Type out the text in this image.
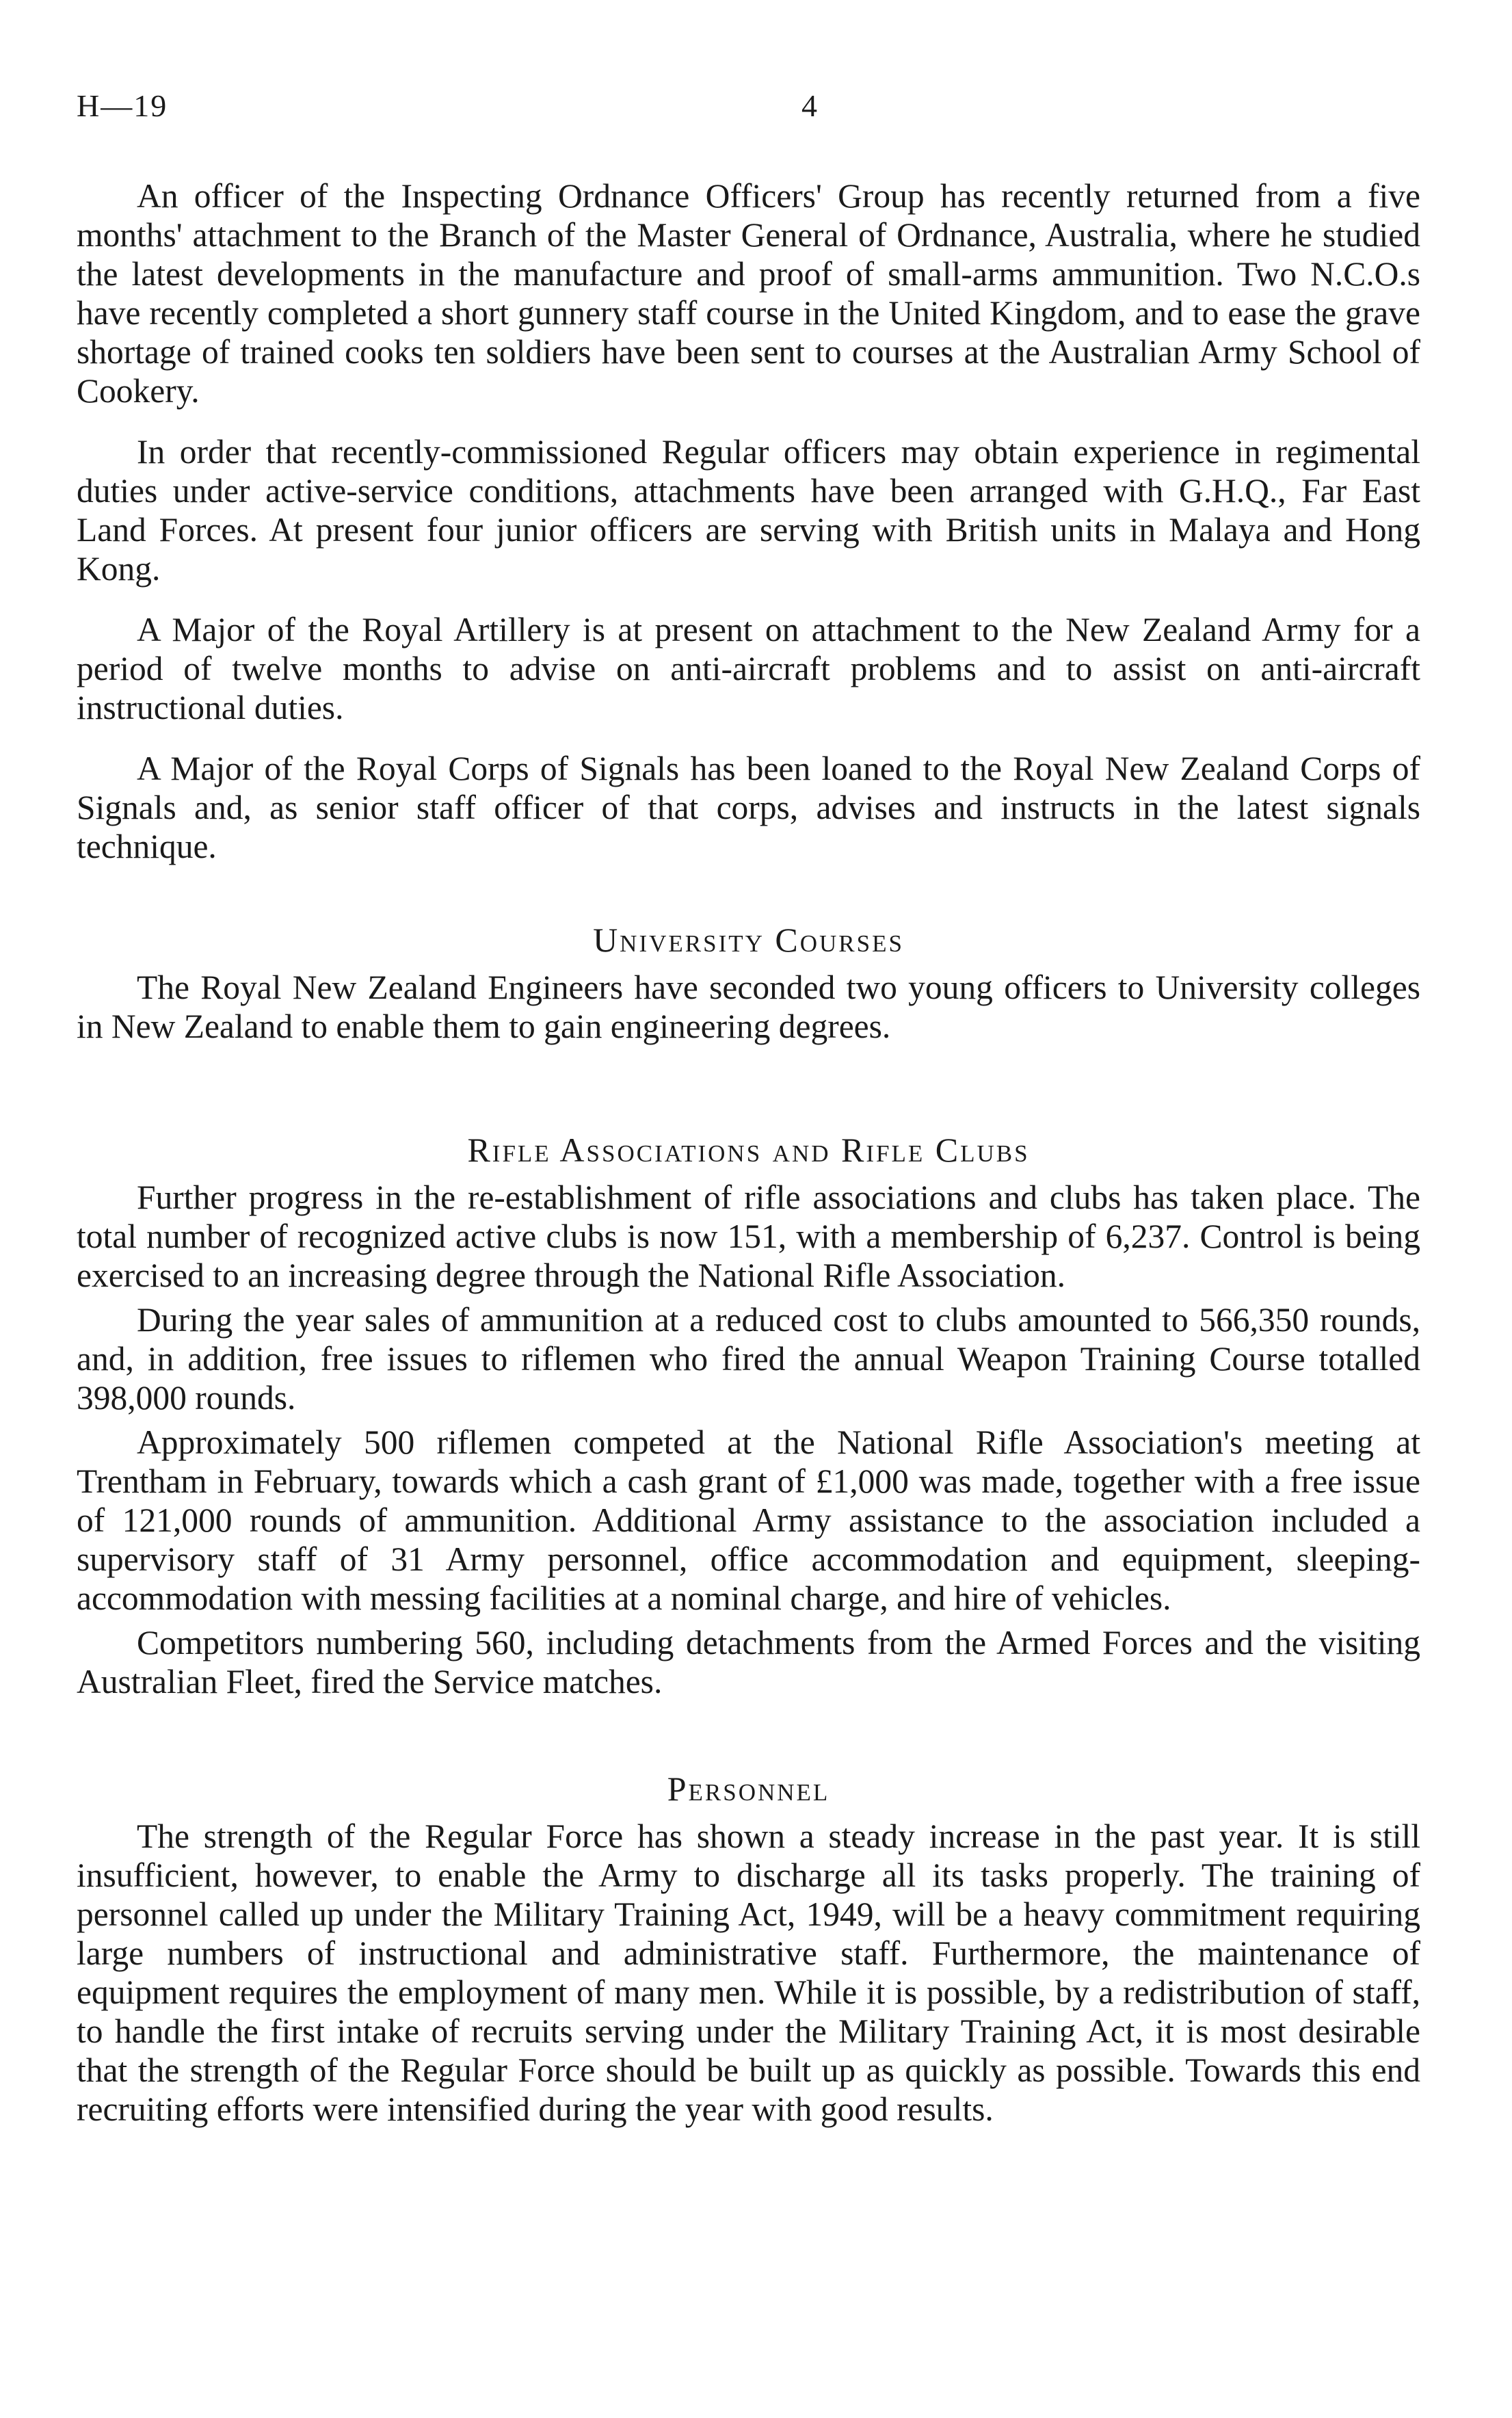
H—19	4

An officer of the Inspecting Ordnance Officers' Group has recently returned from a five months' attachment to the Branch of the Master General of Ordnance, Australia, where he studied the latest developments in the manufacture and proof of small-arms ammunition. Two N.C.O.s have recently completed a short gunnery staff course in the United Kingdom, and to ease the grave shortage of trained cooks ten soldiers have been sent to courses at the Australian Army School of Cookery.

In order that recently-commissioned Regular officers may obtain experience in regimental duties under active-service conditions, attachments have been arranged with G.H.Q., Far East Land Forces. At present four junior officers are serving with British units in Malaya and Hong Kong.

A Major of the Royal Artillery is at present on attachment to the New Zealand Army for a period of twelve months to advise on anti-aircraft problems and to assist on anti-aircraft instructional duties.

A Major of the Royal Corps of Signals has been loaned to the Royal New Zealand Corps of Signals and, as senior staff officer of that corps, advises and instructs in the latest signals technique.

University Courses

The Royal New Zealand Engineers have seconded two young officers to University colleges in New Zealand to enable them to gain engineering degrees.

Rifle Associations and Rifle Clubs

Further progress in the re-establishment of rifle associations and clubs has taken place. The total number of recognized active clubs is now 151, with a membership of 6,237. Control is being exercised to an increasing degree through the National Rifle Association.

During the year sales of ammunition at a reduced cost to clubs amounted to 566,350 rounds, and, in addition, free issues to riflemen who fired the annual Weapon Training Course totalled 398,000 rounds.

Approximately 500 riflemen competed at the National Rifle Association's meeting at Trentham in February, towards which a cash grant of £1,000 was made, together with a free issue of 121,000 rounds of ammunition. Additional Army assistance to the association included a supervisory staff of 31 Army personnel, office accommodation and equipment, sleeping-accommodation with messing facilities at a nominal charge, and hire of vehicles.

Competitors numbering 560, including detachments from the Armed Forces and the visiting Australian Fleet, fired the Service matches.

Personnel

The strength of the Regular Force has shown a steady increase in the past year. It is still insufficient, however, to enable the Army to discharge all its tasks properly. The training of personnel called up under the Military Training Act, 1949, will be a heavy commitment requiring large numbers of instructional and administrative staff. Furthermore, the maintenance of equipment requires the employment of many men. While it is possible, by a redistribution of staff, to handle the first intake of recruits serving under the Military Training Act, it is most desirable that the strength of the Regular Force should be built up as quickly as possible. Towards this end recruiting efforts were intensified during the year with good results.
